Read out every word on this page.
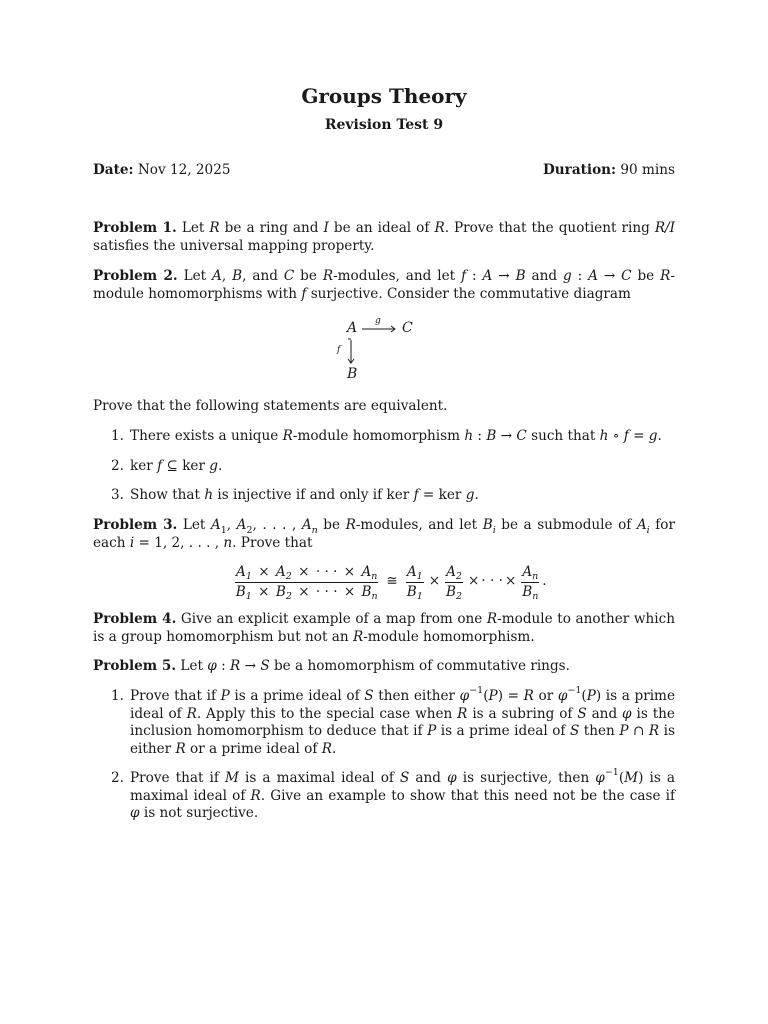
Groups Theory
Revision Test 9
Date: Nov 12, 2025	Duration: 90 mins

Problem 1. Let R be a ring and I be an ideal of R. Prove that the quotient ring R/I satisfies the universal mapping property.

Problem 2. Let A, B, and C be R-modules, and let f : A → B and g : A → C be R-module homomorphisms with f surjective. Consider the commutative diagram

A	C
B
g
f

Prove that the following statements are equivalent.

1. There exists a unique R-module homomorphism h : B → C such that h ∘ f = g.
2. ker f ⊆ ker g.
3. Show that h is injective if and only if ker f = ker g.

Problem 3. Let $A_1$, $A_2$, . . . , $A_n$ be R-modules, and let $B_i$ be a submodule of $A_i$ for each i = 1, 2, . . . , n. Prove that

$\frac{A_1 \times A_2 \times \cdot \cdot \cdot \times A_n}{B_1 \times B_2 \times \cdot \cdot \cdot \times B_n}$ ≅ $\frac{A_1}{B_1} \times \frac{A_2}{B_2}$ × · · · × $\frac{A_n}{B_n}$ .

Problem 4. Give an explicit example of a map from one R-module to another which is a group homomorphism but not an R-module homomorphism.

Problem 5. Let φ : R → S be a homomorphism of commutative rings.

1. Prove that if P is a prime ideal of S then either $\varphi^{-1}(P) = R$ or $\varphi^{-1}(P)$ is a prime ideal of R. Apply this to the special case when R is a subring of S and φ is the inclusion homomorphism to deduce that if P is a prime ideal of S then P ∩ R is either R or a prime ideal of R.
2. Prove that if M is a maximal ideal of S and φ is surjective, then $\varphi^{-1}(M)$ is a maximal ideal of R. Give an example to show that this need not be the case if φ is not surjective.
